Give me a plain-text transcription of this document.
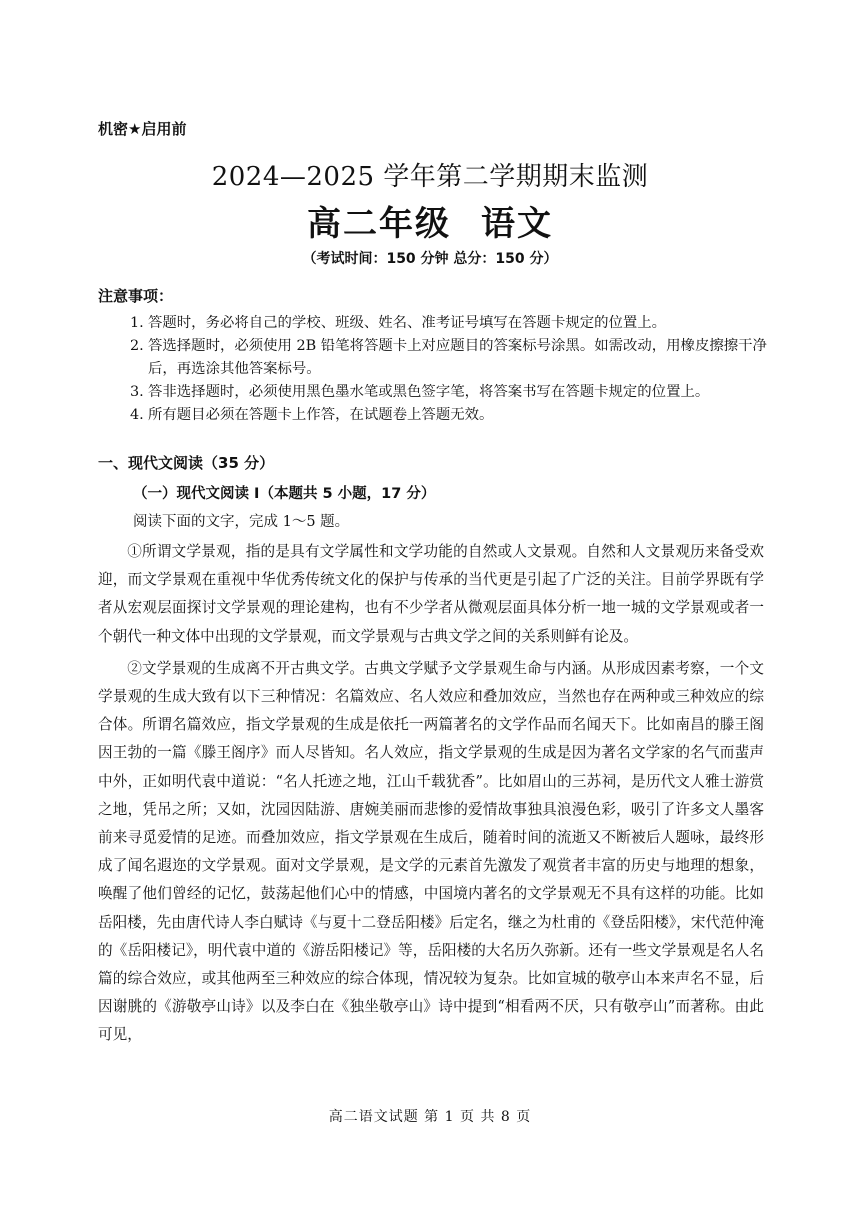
机密★启用前
2024—2025 学年第二学期期末监测
高二年级 语文
（考试时间：150 分钟 总分：150 分）
注意事项：
1. 答题时，务必将自己的学校、班级、姓名、准考证号填写在答题卡规定的位置上。
2. 答选择题时，必须使用 2B 铅笔将答题卡上对应题目的答案标号涂黑。如需改动，用橡皮擦擦干净后，再选涂其他答案标号。
3. 答非选择题时，必须使用黑色墨水笔或黑色签字笔，将答案书写在答题卡规定的位置上。
4. 所有题目必须在答题卡上作答，在试题卷上答题无效。
一、现代文阅读（35 分）
（一）现代文阅读 I（本题共 5 小题，17 分）
阅读下面的文字，完成 1～5 题。

①所谓文学景观，指的是具有文学属性和文学功能的自然或人文景观。自然和人文景观历来备受欢迎，而文学景观在重视中华优秀传统文化的保护与传承的当代更是引起了广泛的关注。目前学界既有学者从宏观层面探讨文学景观的理论建构，也有不少学者从微观层面具体分析一地一城的文学景观或者一个朝代一种文体中出现的文学景观，而文学景观与古典文学之间的关系则鲜有论及。

②文学景观的生成离不开古典文学。古典文学赋予文学景观生命与内涵。从形成因素考察，一个文学景观的生成大致有以下三种情况：名篇效应、名人效应和叠加效应，当然也存在两种或三种效应的综合体。所谓名篇效应，指文学景观的生成是依托一两篇著名的文学作品而名闻天下。比如南昌的滕王阁因王勃的一篇《滕王阁序》而人尽皆知。名人效应，指文学景观的生成是因为著名文学家的名气而蜚声中外，正如明代袁中道说：“名人托迹之地，江山千载犹香”。比如眉山的三苏祠，是历代文人雅士游赏之地，凭吊之所；又如，沈园因陆游、唐婉美丽而悲惨的爱情故事独具浪漫色彩，吸引了许多文人墨客前来寻觅爱情的足迹。而叠加效应，指文学景观在生成后，随着时间的流逝又不断被后人题咏，最终形成了闻名遐迩的文学景观。面对文学景观，是文学的元素首先激发了观赏者丰富的历史与地理的想象，唤醒了他们曾经的记忆，鼓荡起他们心中的情感，中国境内著名的文学景观无不具有这样的功能。比如岳阳楼，先由唐代诗人李白赋诗《与夏十二登岳阳楼》后定名，继之为杜甫的《登岳阳楼》，宋代范仲淹的《岳阳楼记》，明代袁中道的《游岳阳楼记》等，岳阳楼的大名历久弥新。还有一些文学景观是名人名篇的综合效应，或其他两至三种效应的综合体现，情况较为复杂。比如宣城的敬亭山本来声名不显，后因谢朓的《游敬亭山诗》以及李白在《独坐敬亭山》诗中提到“相看两不厌，只有敬亭山”而著称。由此可见，

高二语文试题 第 1 页 共 8 页
